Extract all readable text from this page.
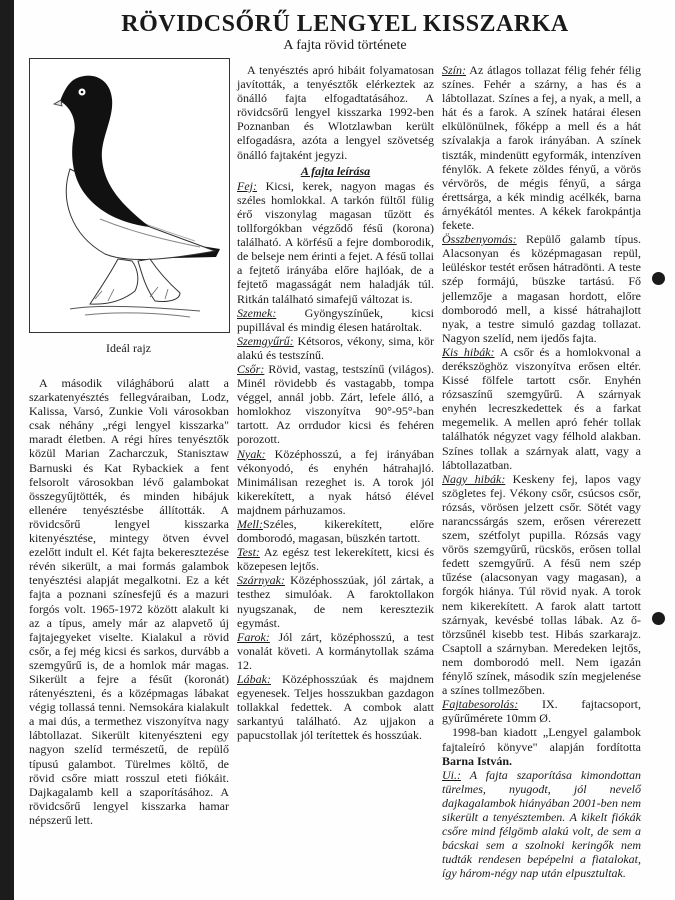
RÖVIDCSŐRŰ LENGYEL KISSZARKA
A fajta rövid története
Ideál rajz

A második világháború alatt a szarkatenyésztés fellegváraiban, Lodz, Kalissa, Varsó, Zunkie Voli városokban csak néhány „régi lengyel kisszarka" maradt életben. A régi híres tenyésztők közül Marian Zacharczuk, Stanisztaw Barnuski és Kat Rybackiek a fent felsorolt városokban lévő galambokat összegyűjtötték, és minden hibájuk ellenére tenyésztésbe állították. A rövidcsőrű lengyel kisszarka kitenyésztése, mintegy ötven évvel ezelőtt indult el. Két fajta bekeresztezése révén sikerült, a mai formás galambok tenyésztési alapját megalkotni. Ez a két fajta a poznani színesfejű és a mazuri forgós volt. 1965-1972 között alakult ki az a típus, amely már az alapvető új fajtajegyeket viselte. Kialakul a rövid csőr, a fej még kicsi és sarkos, durvább a szemgyűrű is, de a homlok már magas. Sikerült a fejre a fésűt (koronát) rátenyészteni, és a középmagas lábakat végig tollassá tenni. Nemsokára kialakult a mai dús, a termethez viszonyítva nagy lábtollazat. Sikerült kitenyészteni egy nagyon szelíd természetű, de repülő típusú galambot. Türelmes költő, de rövid csőre miatt rosszul eteti fiókáit. Dajkagalamb kell a szaporításához. A rövidcsőrű lengyel kisszarka hamar népszerű lett.

A tenyésztés apró hibáit folyamatosan javították, a tenyésztők elérkeztek az önálló fajta elfogadtatásához. A rövidcsőrű lengyel kisszarka 1992-ben Poznanban és Wlotzlawban került elfogadásra, azóta a lengyel szövetség önálló fajtaként jegyzi.

A fajta leírása

Fej: Kicsi, kerek, nagyon magas és széles homlokkal. A tarkón fültől fülig érő viszonylag magasan tűzött és tollforgókban végződő fésű (korona) található. A körfésű a fejre domborodik, de belseje nem érinti a fejet. A fésű tollai a fejtető irányába előre hajlóak, de a fejtető magasságát nem haladják túl. Ritkán található simafejű változat is.

Szemek: Gyöngyszínűek, kicsi pupillával és mindig élesen határoltak.

Szemgyűrű: Kétsoros, vékony, sima, kör alakú és testszínű.

Csőr: Rövid, vastag, testszínű (világos). Minél rövidebb és vastagabb, tompa véggel, annál jobb. Zárt, lefele álló, a homlokhoz viszonyítva 90°-95°-ban tartott. Az orrdudor kicsi és fehéren porozott.

Nyak: Középhosszú, a fej irányában vékonyodó, és enyhén hátrahajló. Minimálisan rezeghet is. A torok jól kikerekített, a nyak hátsó élével majdnem párhuzamos.

Mell:Széles, kikerekített, előre domborodó, magasan, büszkén tartott.

Test: Az egész test lekerekített, kicsi és közepesen lejtős.

Szárnyak: Középhosszúak, jól zártak, a testhez simulóak. A faroktollakon nyugszanak, de nem keresztezik egymást.

Farok: Jól zárt, középhosszú, a test vonalát követi. A kormánytollak száma 12.

Lábak: Középhosszúak és majdnem egyenesek. Teljes hosszukban gazdagon tollakkal fedettek. A combok alatt sarkantyú található. Az ujjakon a papucstollak jól terítettek és hosszúak.

Szín: Az átlagos tollazat félig fehér félig színes. Fehér a szárny, a has és a lábtollazat. Színes a fej, a nyak, a mell, a hát és a farok. A színek határai élesen elkülönülnek, főképp a mell és a hát szívalakja a farok irányában. A színek tiszták, mindenütt egyformák, intenzíven fénylők. A fekete zöldes fényű, a vörös vérvörös, de mégis fényű, a sárga érettsárga, a kék mindig acélkék, barna árnyékától mentes. A kékek farokpántja fekete.

Összbenyomás: Repülő galamb típus. Alacsonyan és középmagasan repül, leüléskor testét erősen hátradönti. A teste szép formájú, büszke tartású. Fő jellemzője a magasan hordott, előre domborodó mell, a kissé hátrahajlott nyak, a testre simuló gazdag tollazat. Nagyon szelíd, nem ijedős fajta.

Kis hibák: A csőr és a homlokvonal a derékszöghöz viszonyítva erősen eltér. Kissé fölfele tartott csőr. Enyhén rózsaszínű szemgyűrű. A szárnyak enyhén lecreszkedettek és a farkat megemelik. A mellen apró fehér tollak találhatók négyzet vagy félhold alakban. Színes tollak a szárnyak alatt, vagy a lábtollazatban.

Nagy hibák: Keskeny fej, lapos vagy szögletes fej. Vékony csőr, csúcsos csőr, rózsás, vörösen jelzett csőr. Sötét vagy narancssárgás szem, erősen vérerezett szem, szétfolyt pupilla. Rózsás vagy vörös szemgyűrű, rücskös, erősen tollal fedett szemgyűrű. A fésű nem szép tűzése (alacsonyan vagy magasan), a forgók hiánya. Túl rövid nyak. A torok nem kikerekített. A farok alatt tartott szárnyak, kevésbé tollas lábak. Az ő-törzsűnél kisebb test. Hibás szarkarajz. Csaptoll a szárnyban. Meredeken lejtős, nem domborodó mell. Nem igazán fénylő színek, második szín megjelenése a színes tollmezőben.

Fajtabesorolás: IX. fajtacsoport, gyűrűmérete 10mm Ø.

1998-ban kiadott „Lengyel galambok fajtaleíró könyve" alapján fordította Barna István.

Ui.: A fajta szaporítása kimondottan türelmes, nyugodt, jól nevelő dajkagalambok hiányában 2001-ben nem sikerült a tenyésztemben. A kikelt fiókák csőre mind félgömb alakú volt, de sem a bácskai sem a szolnoki keringők nem tudták rendesen bepépelni a fiatalokat, így három-négy nap után elpusztultak.
